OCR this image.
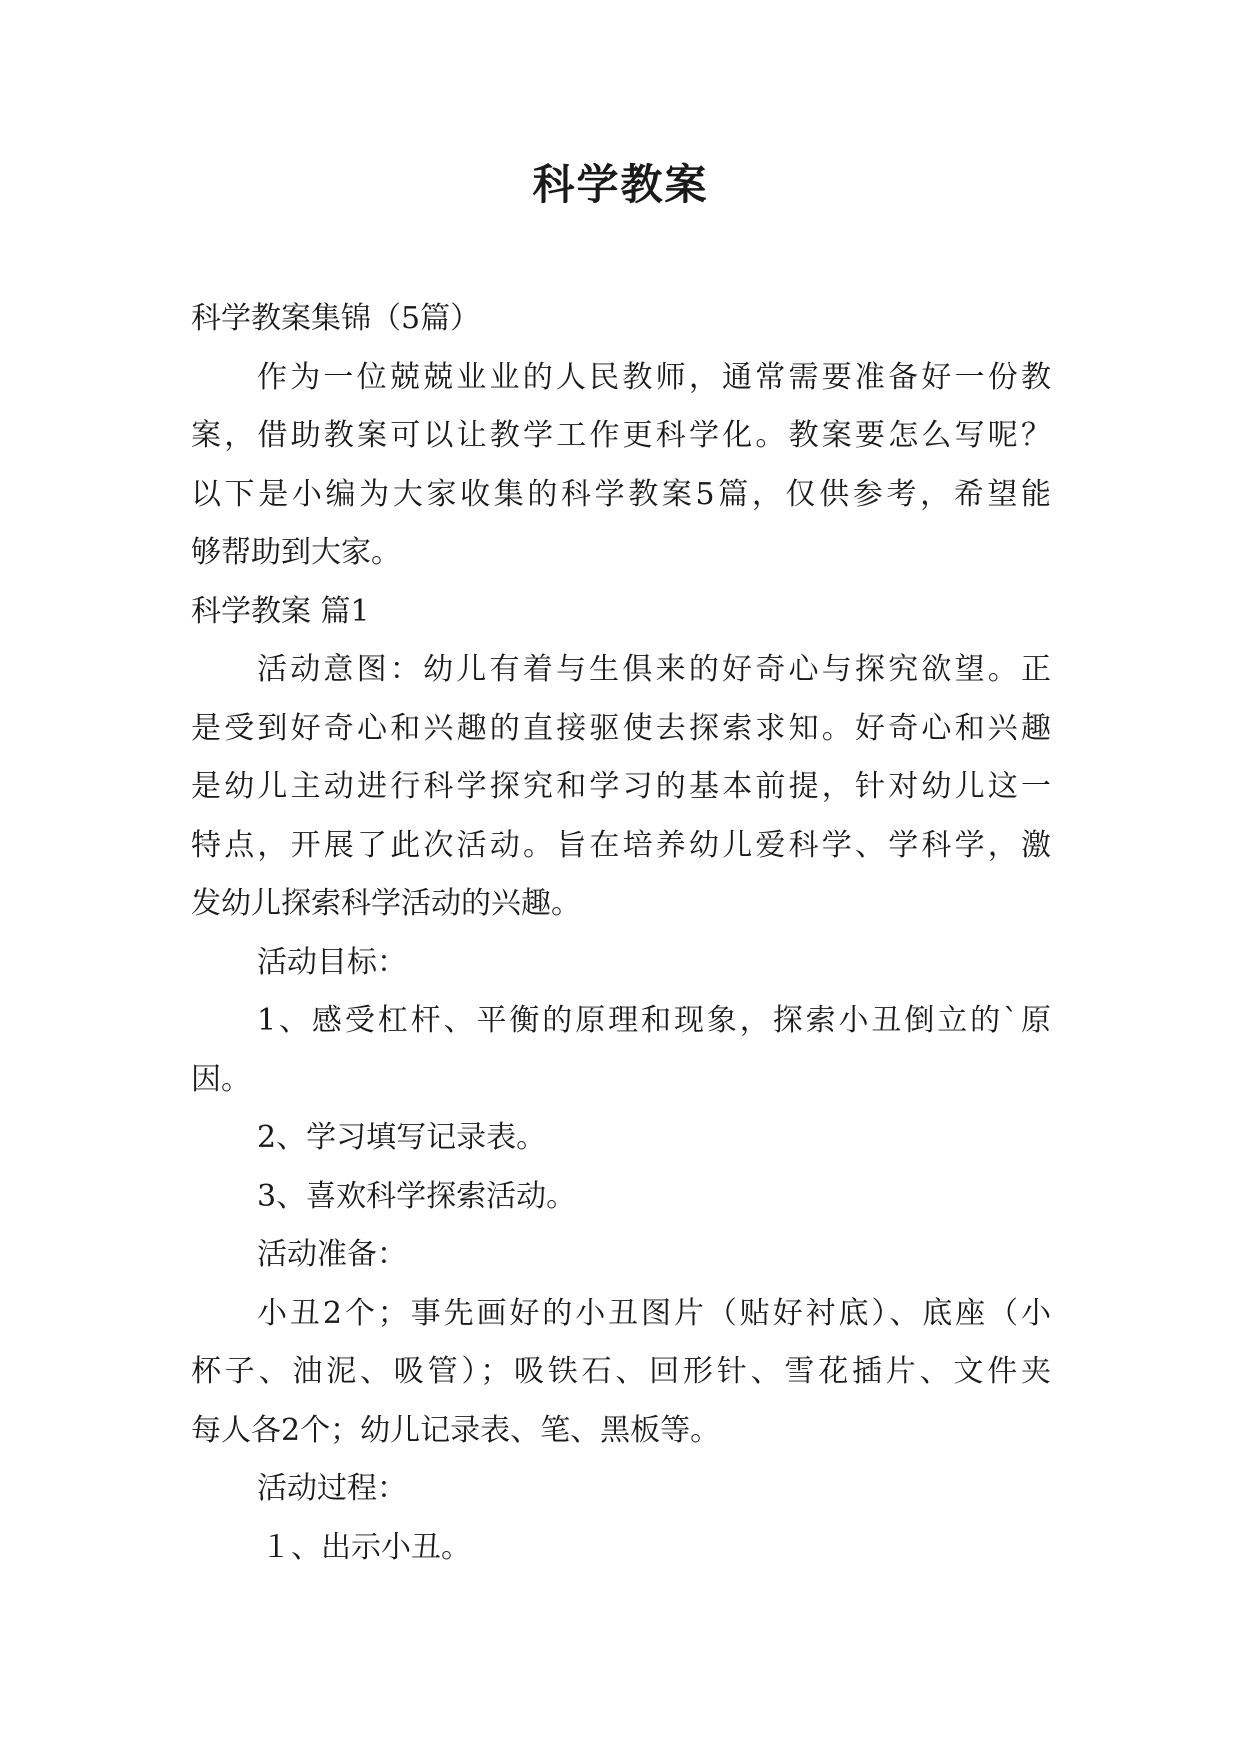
科学教案
科学教案集锦（5篇）
作为一位兢兢业业的人民教师，通常需要准备好一份教
案，借助教案可以让教学工作更科学化。教案要怎么写呢？
以下是小编为大家收集的科学教案5篇，仅供参考，希望能
够帮助到大家。
科学教案 篇1
活动意图：幼儿有着与生俱来的好奇心与探究欲望。正
是受到好奇心和兴趣的直接驱使去探索求知。好奇心和兴趣
是幼儿主动进行科学探究和学习的基本前提，针对幼儿这一
特点，开展了此次活动。旨在培养幼儿爱科学、学科学，激
发幼儿探索科学活动的兴趣。
活动目标：
1、感受杠杆、平衡的原理和现象，探索小丑倒立的`原
因。
2、学习填写记录表。
3、喜欢科学探索活动。
活动准备：
小丑2个；事先画好的小丑图片（贴好衬底）、底座（小
杯子、油泥、吸管）；吸铁石、回形针、雪花插片、文件夹
每人各2个；幼儿记录表、笔、黑板等。
活动过程：
１、出示小丑。
